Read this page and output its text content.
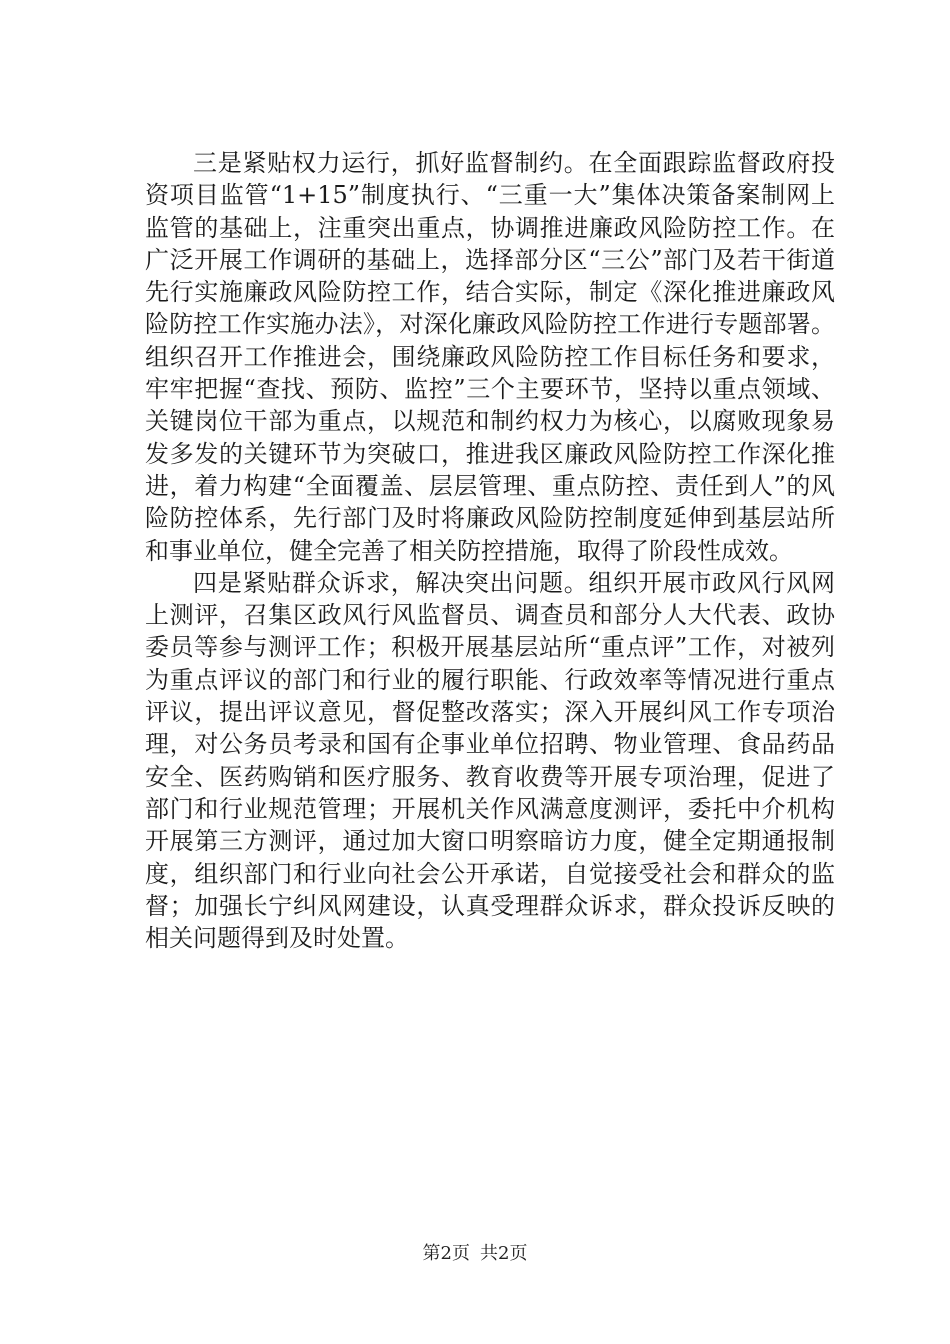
三是紧贴权力运行，抓好监督制约。在全面跟踪监督政府投资项目监管“1+15”制度执行、“三重一大”集体决策备案制网上监管的基础上，注重突出重点，协调推进廉政风险防控工作。在广泛开展工作调研的基础上，选择部分区“三公”部门及若干街道先行实施廉政风险防控工作，结合实际，制定《深化推进廉政风险防控工作实施办法》，对深化廉政风险防控工作进行专题部署。组织召开工作推进会，围绕廉政风险防控工作目标任务和要求，牢牢把握“查找、预防、监控”三个主要环节，坚持以重点领域、关键岗位干部为重点，以规范和制约权力为核心，以腐败现象易发多发的关键环节为突破口，推进我区廉政风险防控工作深化推进，着力构建“全面覆盖、层层管理、重点防控、责任到人”的风险防控体系，先行部门及时将廉政风险防控制度延伸到基层站所和事业单位，健全完善了相关防控措施，取得了阶段性成效。

四是紧贴群众诉求，解决突出问题。组织开展市政风行风网上测评，召集区政风行风监督员、调查员和部分人大代表、政协委员等参与测评工作；积极开展基层站所“重点评”工作，对被列为重点评议的部门和行业的履行职能、行政效率等情况进行重点评议，提出评议意见，督促整改落实；深入开展纠风工作专项治理，对公务员考录和国有企事业单位招聘、物业管理、食品药品安全、医药购销和医疗服务、教育收费等开展专项治理，促进了部门和行业规范管理；开展机关作风满意度测评，委托中介机构开展第三方测评，通过加大窗口明察暗访力度，健全定期通报制度，组织部门和行业向社会公开承诺，自觉接受社会和群众的监督；加强长宁纠风网建设，认真受理群众诉求，群众投诉反映的相关问题得到及时处置。

第2页 共2页
